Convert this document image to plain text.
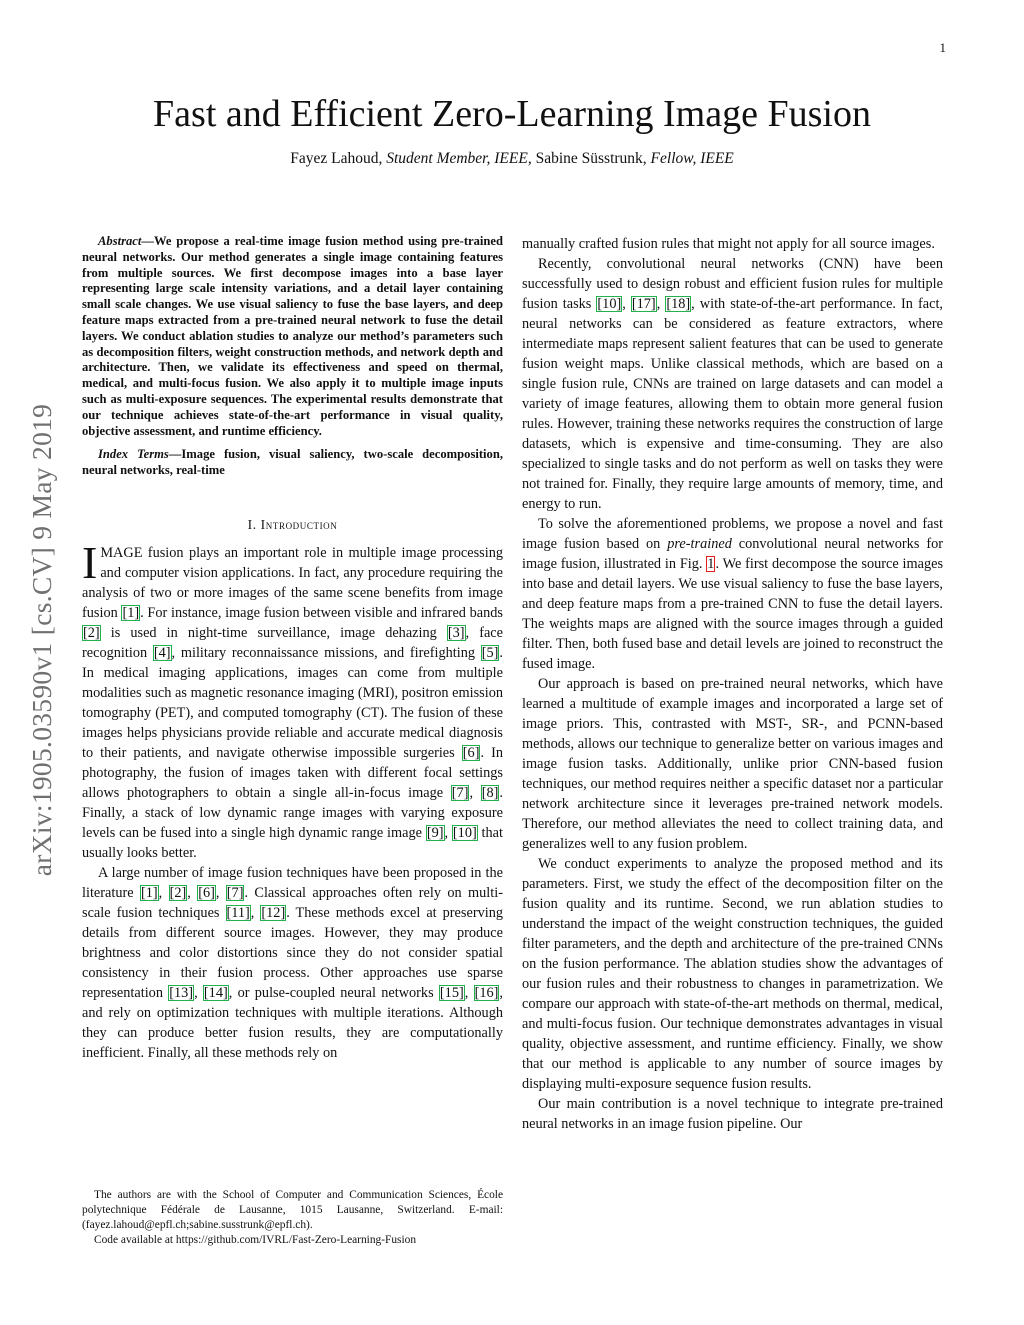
1
arXiv:1905.03590v1 [cs.CV] 9 May 2019
Fast and Efficient Zero-Learning Image Fusion
Fayez Lahoud, Student Member, IEEE, Sabine Süsstrunk, Fellow, IEEE

Abstract—We propose a real-time image fusion method using pre-trained neural networks. Our method generates a single image containing features from multiple sources. We first decompose images into a base layer representing large scale intensity variations, and a detail layer containing small scale changes. We use visual saliency to fuse the base layers, and deep feature maps extracted from a pre-trained neural network to fuse the detail layers. We conduct ablation studies to analyze our method’s parameters such as decomposition filters, weight construction methods, and network depth and architecture. Then, we validate its effectiveness and speed on thermal, medical, and multi-focus fusion. We also apply it to multiple image inputs such as multi-exposure sequences. The experimental results demonstrate that our technique achieves state-of-the-art performance in visual quality, objective assessment, and runtime efficiency.

Index Terms—Image fusion, visual saliency, two-scale decomposition, neural networks, real-time

I. Introduction

IMAGE fusion plays an important role in multiple image processing and computer vision applications. In fact, any procedure requiring the analysis of two or more images of the same scene benefits from image fusion [1]. For instance, image fusion between visible and infrared bands [2] is used in night-time surveillance, image dehazing [3], face recognition [4], military reconnaissance missions, and firefighting [5]. In medical imaging applications, images can come from multiple modalities such as magnetic resonance imaging (MRI), positron emission tomography (PET), and computed tomography (CT). The fusion of these images helps physicians provide reliable and accurate medical diagnosis to their patients, and navigate otherwise impossible surgeries [6]. In photography, the fusion of images taken with different focal settings allows photographers to obtain a single all-in-focus image [7], [8]. Finally, a stack of low dynamic range images with varying exposure levels can be fused into a single high dynamic range image [9], [10] that usually looks better.

A large number of image fusion techniques have been proposed in the literature [1], [2], [6], [7]. Classical approaches often rely on multi-scale fusion techniques [11], [12]. These methods excel at preserving details from different source images. However, they may produce brightness and color distortions since they do not consider spatial consistency in their fusion process. Other approaches use sparse representation [13], [14], or pulse-coupled neural networks [15], [16], and rely on optimization techniques with multiple iterations. Although they can produce better fusion results, they are computationally inefficient. Finally, all these methods rely on

The authors are with the School of Computer and Communication Sciences, École polytechnique Fédérale de Lausanne, 1015 Lausanne, Switzerland. E-mail: (fayez.lahoud@epfl.ch;sabine.susstrunk@epfl.ch).

Code available at https://github.com/IVRL/Fast-Zero-Learning-Fusion

manually crafted fusion rules that might not apply for all source images.

Recently, convolutional neural networks (CNN) have been successfully used to design robust and efficient fusion rules for multiple fusion tasks [10], [17], [18], with state-of-the-art performance. In fact, neural networks can be considered as feature extractors, where intermediate maps represent salient features that can be used to generate fusion weight maps. Unlike classical methods, which are based on a single fusion rule, CNNs are trained on large datasets and can model a variety of image features, allowing them to obtain more general fusion rules. However, training these networks requires the construction of large datasets, which is expensive and time-consuming. They are also specialized to single tasks and do not perform as well on tasks they were not trained for. Finally, they require large amounts of memory, time, and energy to run.

To solve the aforementioned problems, we propose a novel and fast image fusion based on pre-trained convolutional neural networks for image fusion, illustrated in Fig. 1. We first decompose the source images into base and detail layers. We use visual saliency to fuse the base layers, and deep feature maps from a pre-trained CNN to fuse the detail layers. The weights maps are aligned with the source images through a guided filter. Then, both fused base and detail levels are joined to reconstruct the fused image.

Our approach is based on pre-trained neural networks, which have learned a multitude of example images and incorporated a large set of image priors. This, contrasted with MST-, SR-, and PCNN-based methods, allows our technique to generalize better on various images and image fusion tasks. Additionally, unlike prior CNN-based fusion techniques, our method requires neither a specific dataset nor a particular network architecture since it leverages pre-trained network models. Therefore, our method alleviates the need to collect training data, and generalizes well to any fusion problem.

We conduct experiments to analyze the proposed method and its parameters. First, we study the effect of the decomposition filter on the fusion quality and its runtime. Second, we run ablation studies to understand the impact of the weight construction techniques, the guided filter parameters, and the depth and architecture of the pre-trained CNNs on the fusion performance. The ablation studies show the advantages of our fusion rules and their robustness to changes in parametrization. We compare our approach with state-of-the-art methods on thermal, medical, and multi-focus fusion. Our technique demonstrates advantages in visual quality, objective assessment, and runtime efficiency. Finally, we show that our method is applicable to any number of source images by displaying multi-exposure sequence fusion results.

Our main contribution is a novel technique to integrate pre-trained neural networks in an image fusion pipeline. Our
